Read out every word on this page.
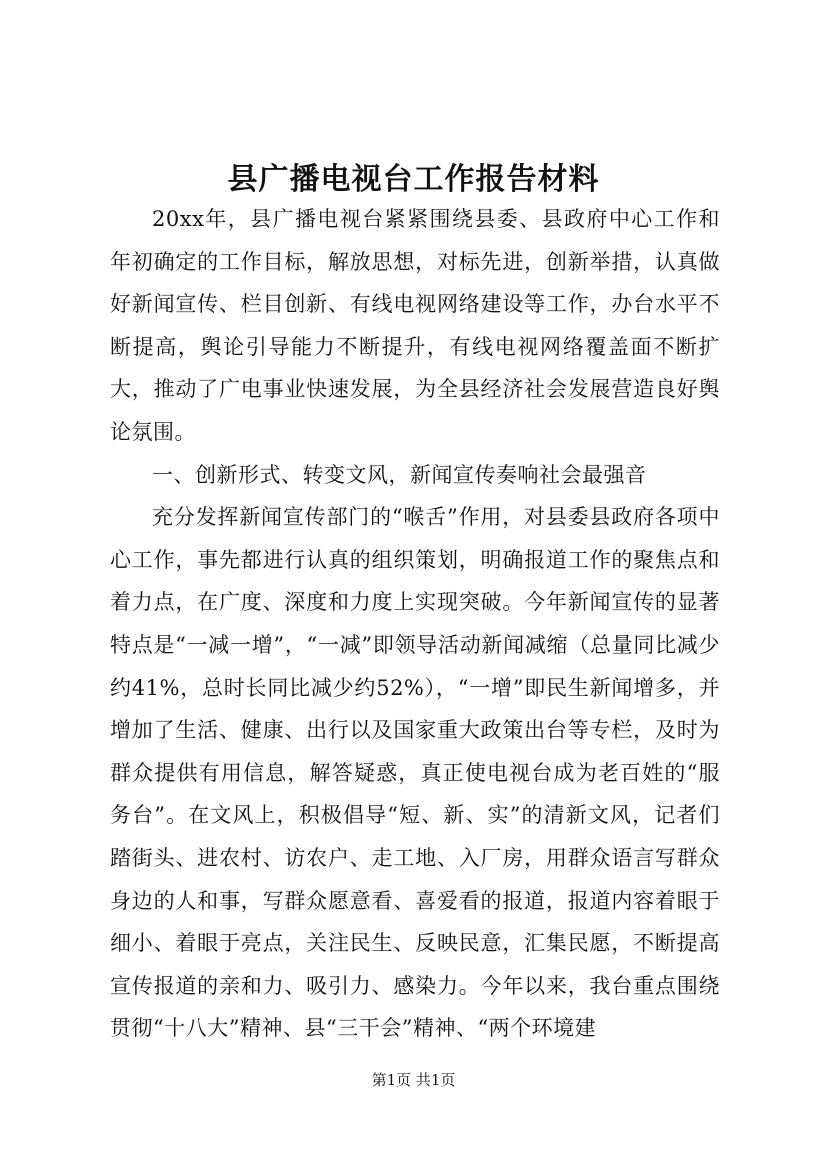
县广播电视台工作报告材料

20xx年，县广播电视台紧紧围绕县委、县政府中心工作和年初确定的工作目标，解放思想，对标先进，创新举措，认真做好新闻宣传、栏目创新、有线电视网络建设等工作，办台水平不断提高，舆论引导能力不断提升，有线电视网络覆盖面不断扩大，推动了广电事业快速发展，为全县经济社会发展营造良好舆论氛围。

一、创新形式、转变文风，新闻宣传奏响社会最强音

充分发挥新闻宣传部门的“喉舌”作用，对县委县政府各项中心工作，事先都进行认真的组织策划，明确报道工作的聚焦点和着力点，在广度、深度和力度上实现突破。今年新闻宣传的显著特点是“一减一增”，“一减”即领导活动新闻减缩（总量同比减少约41%，总时长同比减少约52%），“一增”即民生新闻增多，并增加了生活、健康、出行以及国家重大政策出台等专栏，及时为群众提供有用信息，解答疑惑，真正使电视台成为老百姓的“服务台”。在文风上，积极倡导“短、新、实”的清新文风，记者们踏街头、进农村、访农户、走工地、入厂房，用群众语言写群众身边的人和事，写群众愿意看、喜爱看的报道，报道内容着眼于细小、着眼于亮点，关注民生、反映民意，汇集民愿，不断提高宣传报道的亲和力、吸引力、感染力。今年以来，我台重点围绕贯彻“十八大”精神、县“三干会”精神、“两个环境建

第1页 共1页
